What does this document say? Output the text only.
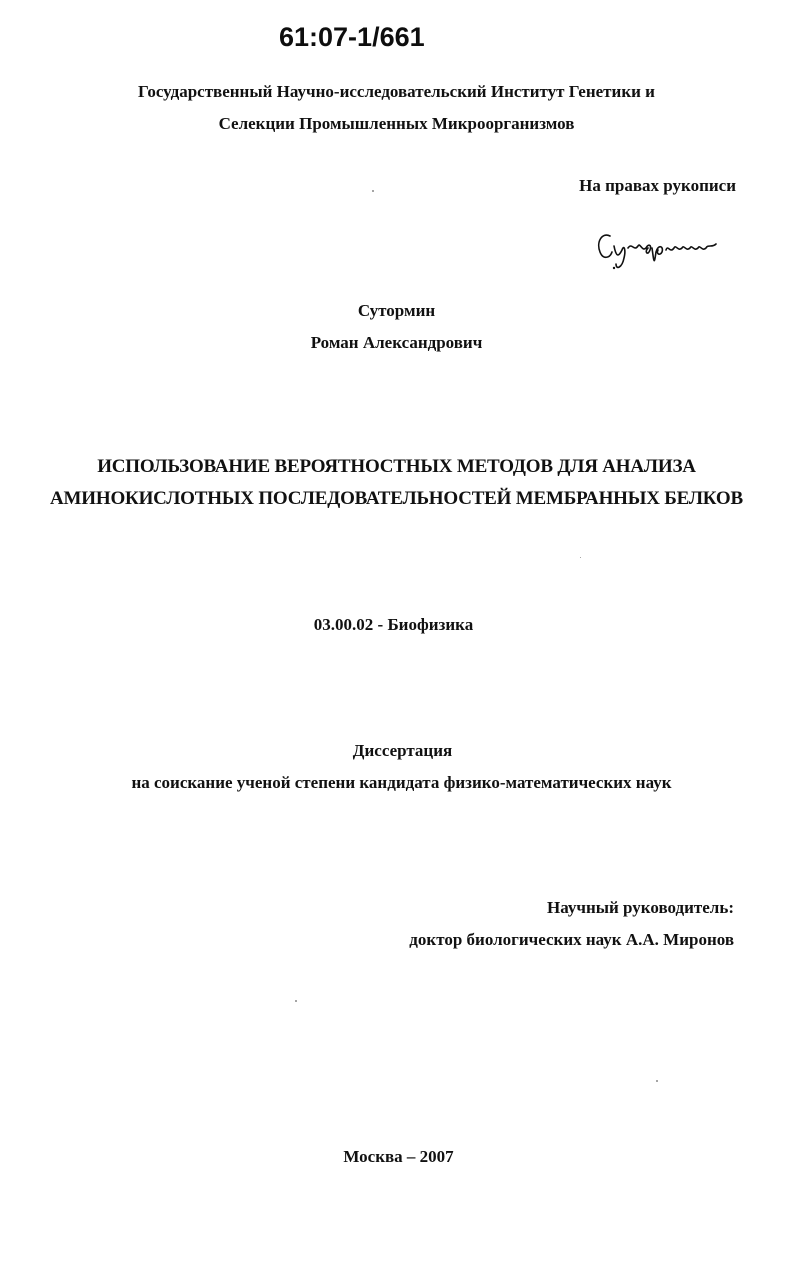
61:07-1/661
Государственный Научно-исследовательский Институт Генетики и
Селекции Промышленных Микроорганизмов
На правах рукописи
Сутормин
Роман Александрович
ИСПОЛЬЗОВАНИЕ ВЕРОЯТНОСТНЫХ МЕТОДОВ ДЛЯ АНАЛИЗА
АМИНОКИСЛОТНЫХ ПОСЛЕДОВАТЕЛЬНОСТЕЙ МЕМБРАННЫХ БЕЛКОВ
03.00.02 - Биофизика
Диссертация
на соискание ученой степени кандидата физико-математических наук
Научный руководитель:
доктор биологических наук А.А. Миронов
Москва – 2007
